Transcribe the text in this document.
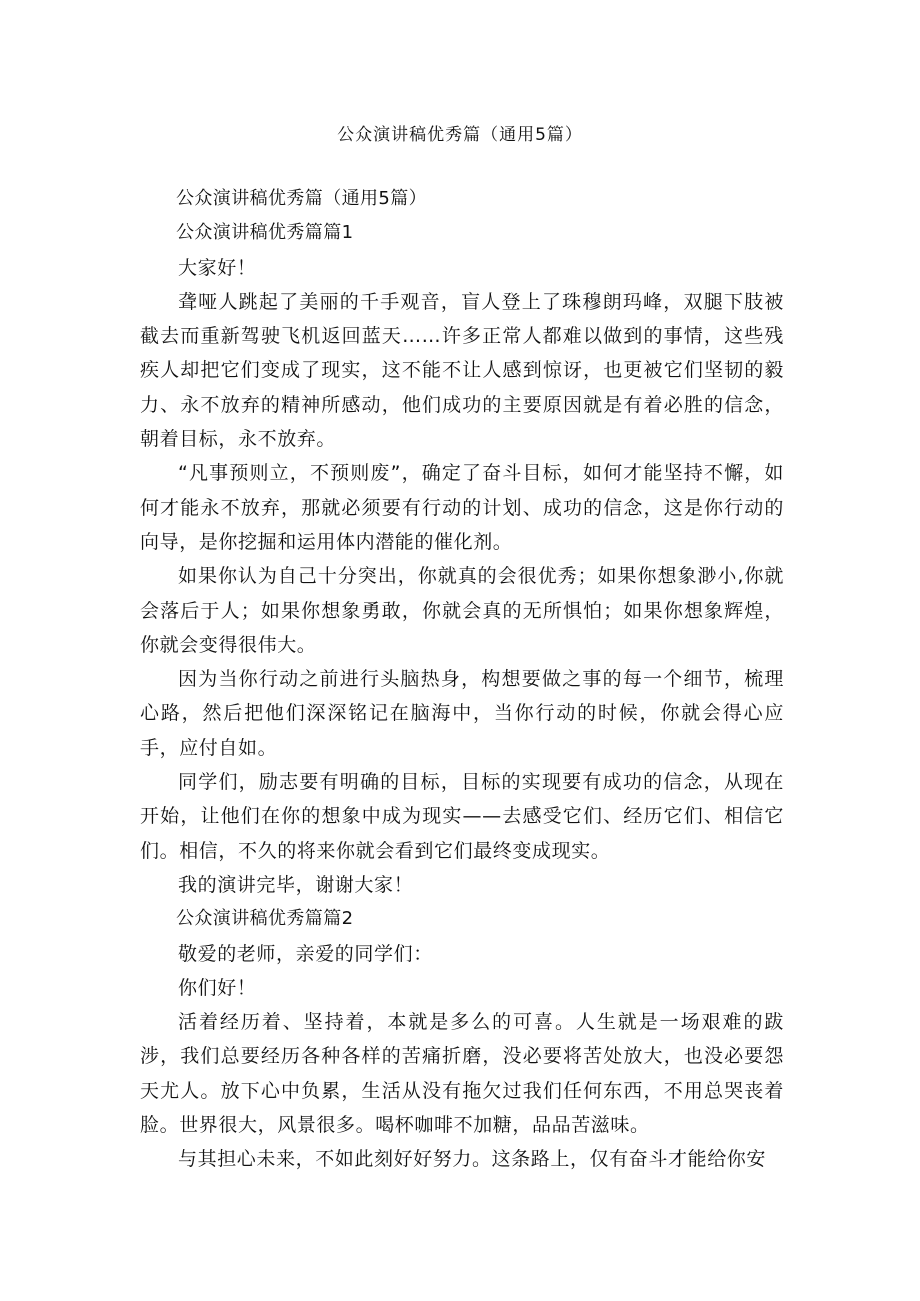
公众演讲稿优秀篇（通用5篇）

公众演讲稿优秀篇（通用5篇）

公众演讲稿优秀篇篇1

大家好！

聋哑人跳起了美丽的千手观音，盲人登上了珠穆朗玛峰，双腿下肢被截去而重新驾驶飞机返回蓝天……许多正常人都难以做到的事情，这些残疾人却把它们变成了现实，这不能不让人感到惊讶，也更被它们坚韧的毅力、永不放弃的精神所感动，他们成功的主要原因就是有着必胜的信念，朝着目标，永不放弃。

“凡事预则立，不预则废”，确定了奋斗目标，如何才能坚持不懈，如何才能永不放弃，那就必须要有行动的计划、成功的信念，这是你行动的向导，是你挖掘和运用体内潜能的催化剂。

如果你认为自己十分突出，你就真的会很优秀；如果你想象渺小,你就会落后于人；如果你想象勇敢，你就会真的无所惧怕；如果你想象辉煌，你就会变得很伟大。

因为当你行动之前进行头脑热身，构想要做之事的每一个细节，梳理心路，然后把他们深深铭记在脑海中，当你行动的时候，你就会得心应手，应付自如。

同学们，励志要有明确的目标，目标的实现要有成功的信念，从现在开始，让他们在你的想象中成为现实——去感受它们、经历它们、相信它们。相信，不久的将来你就会看到它们最终变成现实。

我的演讲完毕，谢谢大家！

公众演讲稿优秀篇篇2

敬爱的老师，亲爱的同学们：

你们好！

活着经历着、坚持着，本就是多么的可喜。人生就是一场艰难的跋涉，我们总要经历各种各样的苦痛折磨，没必要将苦处放大，也没必要怨天尤人。放下心中负累，生活从没有拖欠过我们任何东西，不用总哭丧着脸。世界很大，风景很多。喝杯咖啡不加糖，品品苦滋味。

与其担心未来，不如此刻好好努力。这条路上，仅有奋斗才能给你安
